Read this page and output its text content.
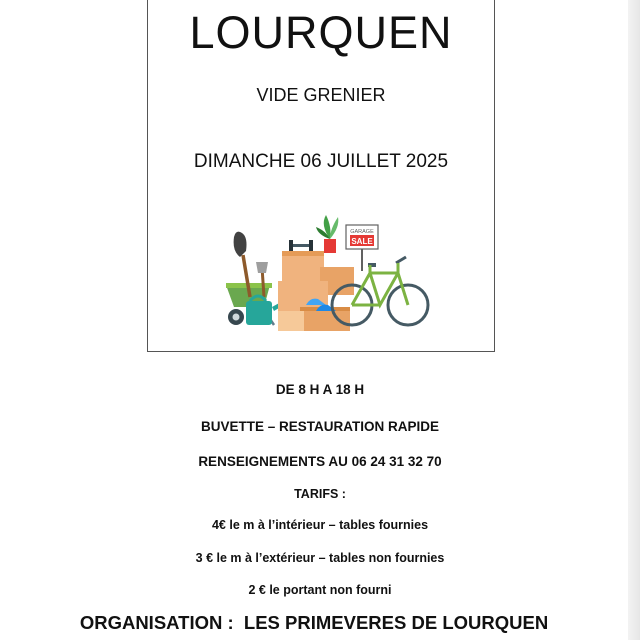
LOURQUEN
VIDE GRENIER
DIMANCHE 06 JUILLET 2025
GARAGE
SALE
DE 8 H A 18 H
BUVETTE – RESTAURATION RAPIDE
RENSEIGNEMENTS AU 06 24 31 32 70
TARIFS :
4€ le m à l’intérieur – tables fournies
3 € le m à l’extérieur – tables non fournies
2 € le portant non fourni
ORGANISATION :  LES PRIMEVERES DE LOURQUEN
